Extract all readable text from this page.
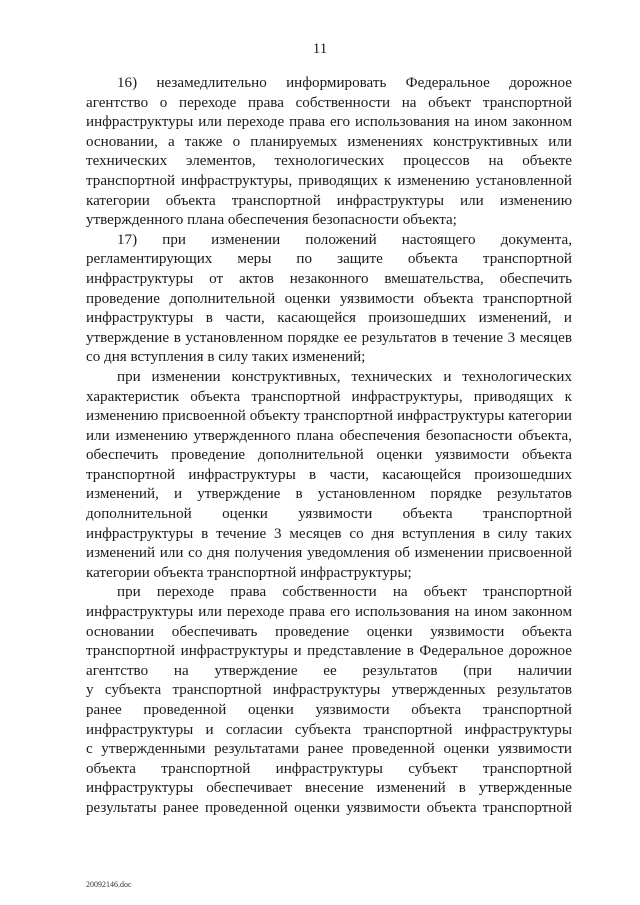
11
16) незамедлительно информировать Федеральное дорожное
агентство о переходе права собственности на объект транспортной
инфраструктуры или переходе права его использования на ином законном
основании, а также о планируемых изменениях конструктивных или
технических элементов, технологических процессов на объекте
транспортной инфраструктуры, приводящих к изменению установленной
категории объекта транспортной инфраструктуры или изменению
утвержденного плана обеспечения безопасности объекта;
17) при изменении положений настоящего документа,
регламентирующих меры по защите объекта транспортной
инфраструктуры от актов незаконного вмешательства, обеспечить
проведение дополнительной оценки уязвимости объекта транспортной
инфраструктуры в части, касающейся произошедших изменений, и
утверждение в установленном порядке ее результатов в течение 3 месяцев
со дня вступления в силу таких изменений;
при изменении конструктивных, технических и технологических
характеристик объекта транспортной инфраструктуры, приводящих к
изменению присвоенной объекту транспортной инфраструктуры категории
или изменению утвержденного плана обеспечения безопасности объекта,
обеспечить проведение дополнительной оценки уязвимости объекта
транспортной инфраструктуры в части, касающейся произошедших
изменений, и утверждение в установленном порядке результатов
дополнительной оценки уязвимости объекта транспортной
инфраструктуры в течение 3 месяцев со дня вступления в силу таких
изменений или со дня получения уведомления об изменении присвоенной
категории объекта транспортной инфраструктуры;
при переходе права собственности на объект транспортной
инфраструктуры или переходе права его использования на ином законном
основании обеспечивать проведение оценки уязвимости объекта
транспортной инфраструктуры и представление в Федеральное дорожное
агентство на утверждение ее результатов (при наличии
у субъекта транспортной инфраструктуры утвержденных результатов
ранее проведенной оценки уязвимости объекта транспортной
инфраструктуры и согласии субъекта транспортной инфраструктуры
с утвержденными результатами ранее проведенной оценки уязвимости
объекта транспортной инфраструктуры субъект транспортной
инфраструктуры обеспечивает внесение изменений в утвержденные
результаты ранее проведенной оценки уязвимости объекта транспортной
20092146.doc
